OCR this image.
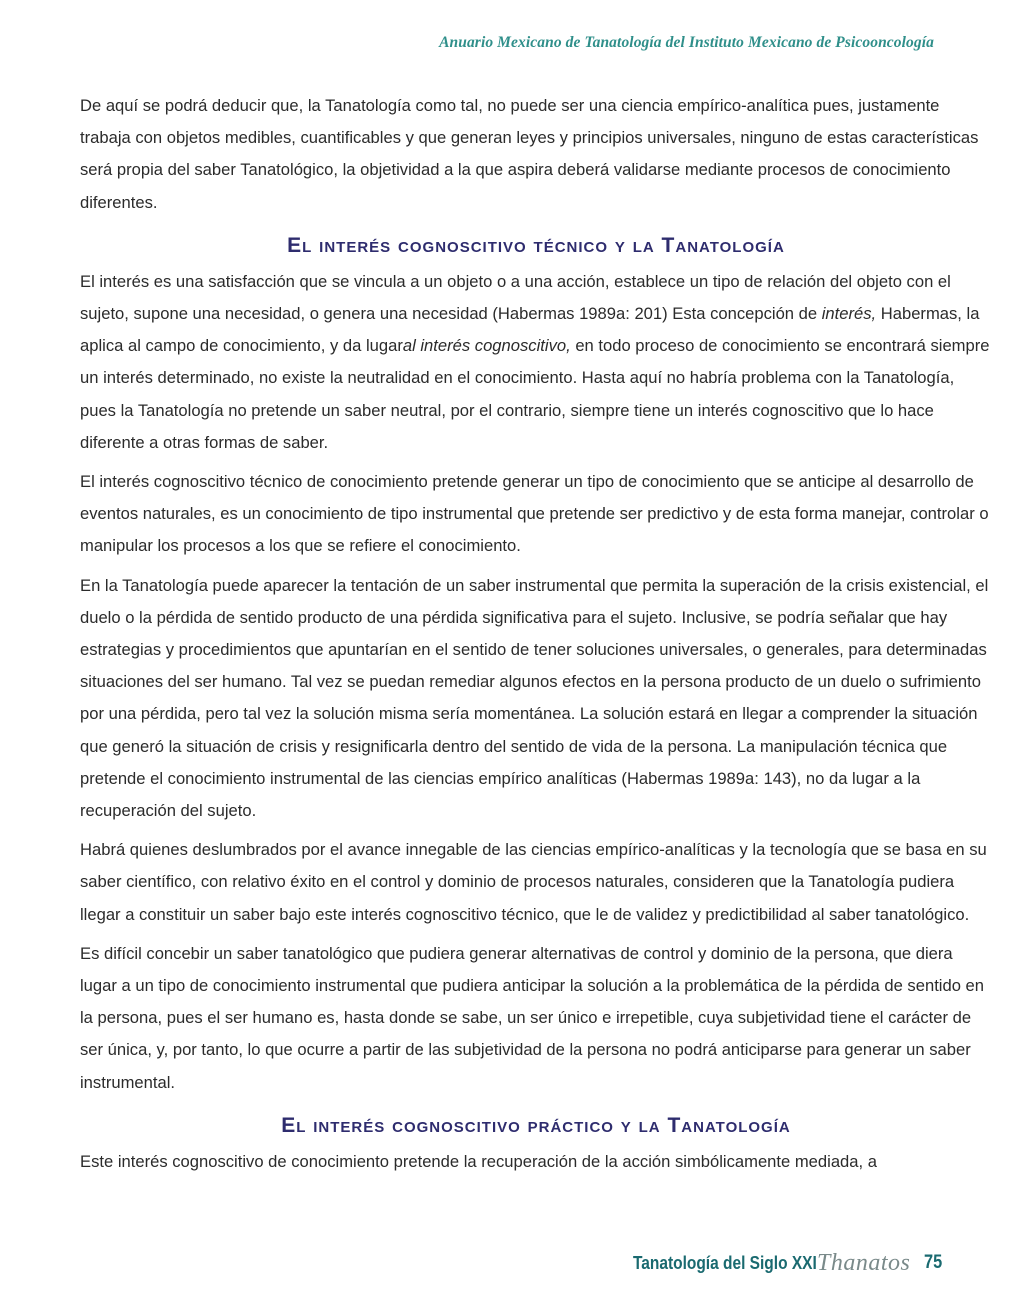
Anuario Mexicano de Tanatología del Instituto Mexicano de Psicooncología

De aquí se podrá deducir que, la Tanatología como tal, no puede ser una ciencia empírico-analítica pues, justamente trabaja con objetos medibles, cuantificables y que generan leyes y principios universales, ninguno de estas características será propia del saber Tanatológico, la objetividad a la que aspira deberá validarse mediante procesos de conocimiento diferentes.

El interés cognoscitivo técnico y la Tanatología

El interés es una satisfacción que se vincula a un objeto o a una acción, establece un tipo de relación del objeto con el sujeto, supone una necesidad, o genera una necesidad (Habermas 1989a: 201) Esta concepción de interés, Habermas, la aplica al campo de conocimiento, y da lugaral interés cognoscitivo, en todo proceso de conocimiento se encontrará siempre un interés determinado, no existe la neutralidad en el conocimiento. Hasta aquí no habría problema con la Tanatología, pues la Tanatología no pretende un saber neutral, por el contrario, siempre tiene un interés cognoscitivo que lo hace diferente a otras formas de saber.

El interés cognoscitivo técnico de conocimiento pretende generar un tipo de conocimiento que se anticipe al desarrollo de eventos naturales, es un conocimiento de tipo instrumental que pretende ser predictivo y de esta forma manejar, controlar o manipular los procesos a los que se refiere el conocimiento.

En la Tanatología puede aparecer la tentación de un saber instrumental que permita la superación de la crisis existencial, el duelo o la pérdida de sentido producto de una pérdida significativa para el sujeto. Inclusive, se podría señalar que hay estrategias y procedimientos que apuntarían en el sentido de tener soluciones universales, o generales, para determinadas situaciones del ser humano. Tal vez se puedan remediar algunos efectos en la persona producto de un duelo o sufrimiento por una pérdida, pero tal vez la solución misma sería momentánea. La solución estará en llegar a comprender la situación que generó la situación de crisis y resignificarla dentro del sentido de vida de la persona. La manipulación técnica que pretende el conocimiento instrumental de las ciencias empírico analíticas (Habermas 1989a: 143), no da lugar a la recuperación del sujeto.

Habrá quienes deslumbrados por el avance innegable de las ciencias empírico-analíticas y la tecnología que se basa en su saber científico, con relativo éxito en el control y dominio de procesos naturales, consideren que la Tanatología pudiera llegar a constituir un saber bajo este interés cognoscitivo técnico, que le de validez y predictibilidad al saber tanatológico.

Es difícil concebir un saber tanatológico que pudiera generar alternativas de control y dominio de la persona, que diera lugar a un tipo de conocimiento instrumental que pudiera anticipar la solución a la problemática de la pérdida de sentido en la persona, pues el ser humano es, hasta donde se sabe, un ser único e irrepetible, cuya subjetividad tiene el carácter de ser única, y, por tanto, lo que ocurre a partir de las subjetividad de la persona no podrá anticiparse para generar un saber instrumental.

El interés cognoscitivo práctico y la Tanatología

Este interés cognoscitivo de conocimiento pretende la recuperación de la acción simbólicamente mediada, a

Tanatología del Siglo XXI Thanatos 75
